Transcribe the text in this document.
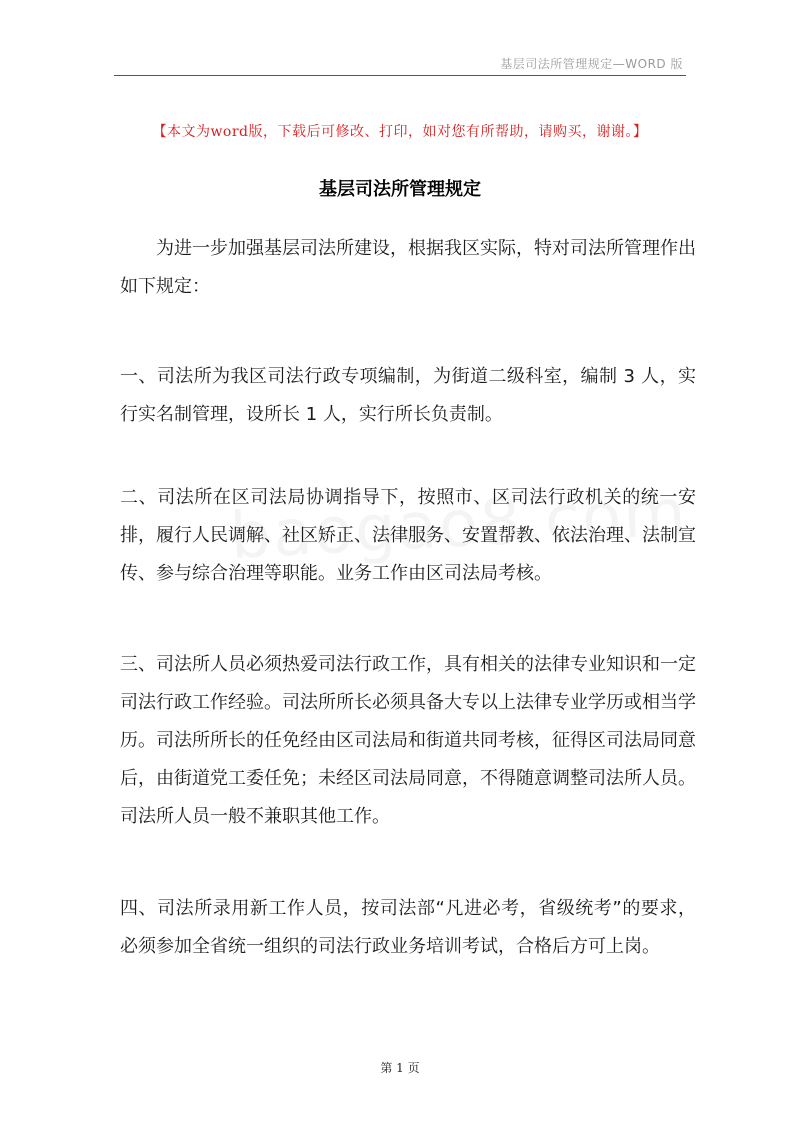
基层司法所管理规定—WORD 版
【本文为word版，下载后可修改、打印，如对您有所帮助，请购买，谢谢。】
基层司法所管理规定
为进一步加强基层司法所建设，根据我区实际，特对司法所管理作出如下规定：
一、司法所为我区司法行政专项编制，为街道二级科室，编制 3 人，实行实名制管理，设所长 1 人，实行所长负责制。
二、司法所在区司法局协调指导下，按照市、区司法行政机关的统一安排，履行人民调解、社区矫正、法律服务、安置帮教、依法治理、法制宣传、参与综合治理等职能。业务工作由区司法局考核。
三、司法所人员必须热爱司法行政工作，具有相关的法律专业知识和一定司法行政工作经验。司法所所长必须具备大专以上法律专业学历或相当学历。司法所所长的任免经由区司法局和街道共同考核，征得区司法局同意后，由街道党工委任免；未经区司法局同意，不得随意调整司法所人员。司法所人员一般不兼职其他工作。
四、司法所录用新工作人员，按司法部“凡进必考，省级统考”的要求，必须参加全省统一组织的司法行政业务培训考试，合格后方可上岗。
第 1 页
